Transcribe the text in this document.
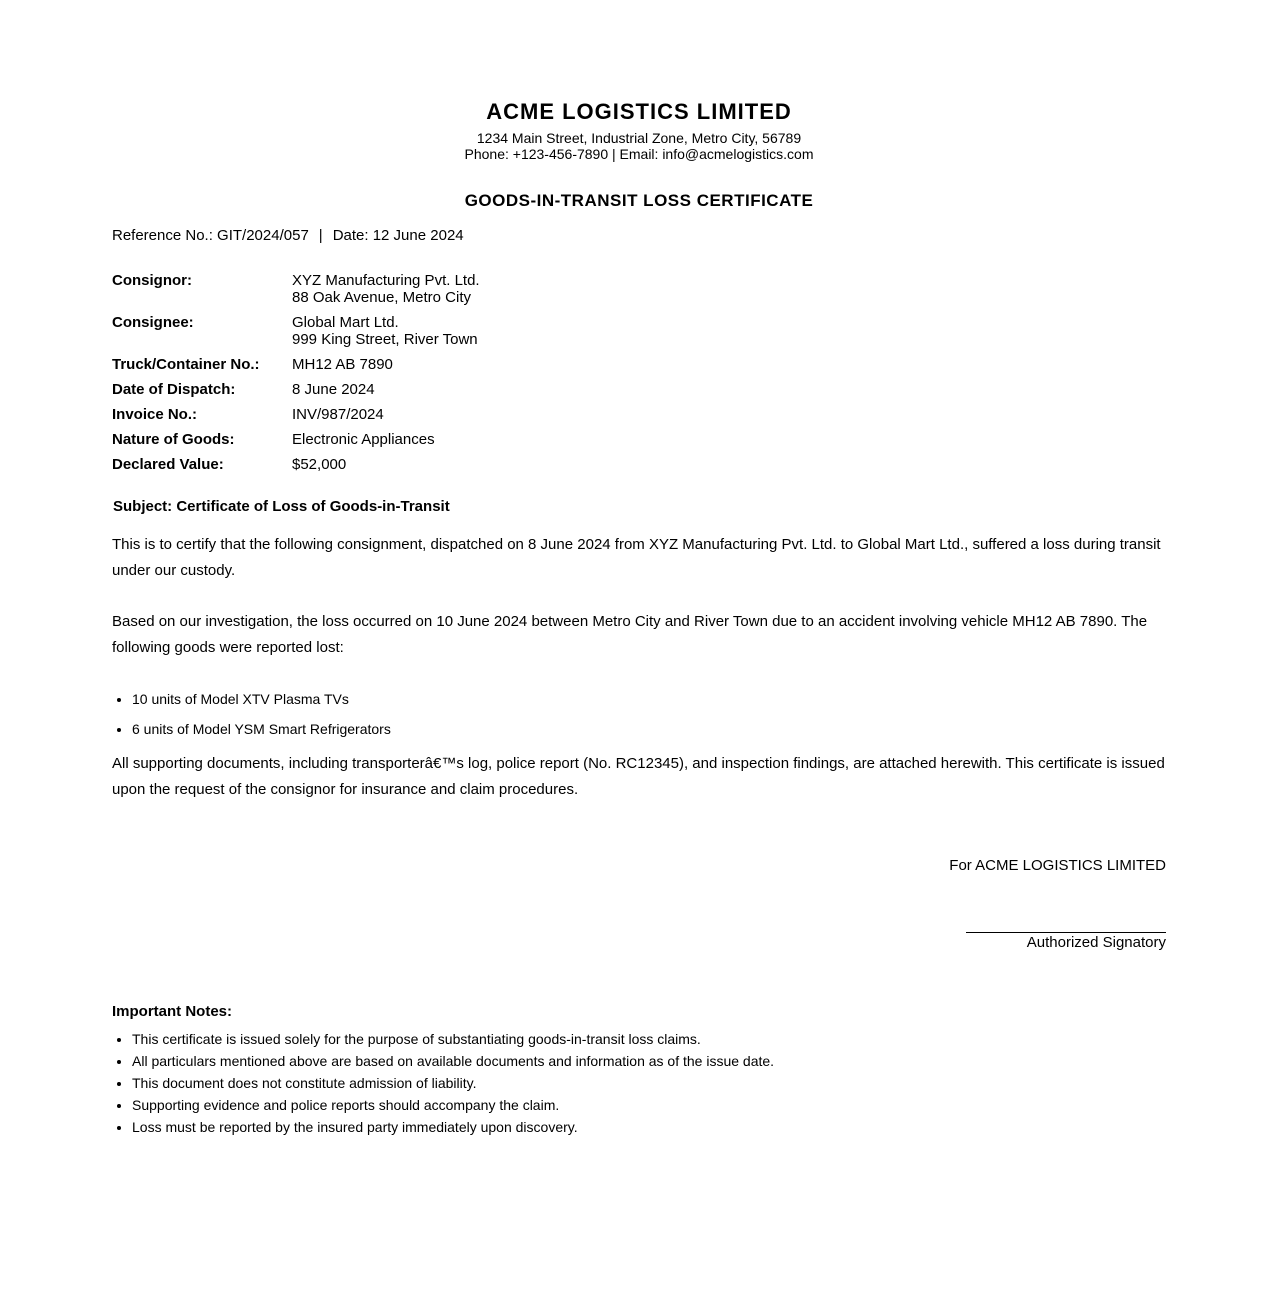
ACME LOGISTICS LIMITED

1234 Main Street, Industrial Zone, Metro City, 56789

Phone: +123-456-7890 | Email: info@acmelogistics.com

GOODS-IN-TRANSIT LOSS CERTIFICATE
Reference No.: GIT/2024/057 | Date: 12 June 2024
Consignor:	XYZ Manufacturing Pvt. Ltd.
88 Oak Avenue, Metro City

Consignee:	Global Mart Ltd.
999 King Street, River Town

Truck/Container No.:	MH12 AB 7890
Date of Dispatch:	8 June 2024
Invoice No.:	INV/987/2024
Nature of Goods:	Electronic Appliances
Declared Value:	$52,000
Subject: Certificate of Loss of Goods-in-Transit

This is to certify that the following consignment, dispatched on 8 June 2024 from XYZ Manufacturing Pvt. Ltd. to Global Mart Ltd., suffered a loss during transit under our custody.

Based on our investigation, the loss occurred on 10 June 2024 between Metro City and River Town due to an accident involving vehicle MH12 AB 7890. The following goods were reported lost:

• 10 units of Model XTV Plasma TVs
• 6 units of Model YSM Smart Refrigerators

All supporting documents, including transporterâ€™s log, police report (No. RC12345), and inspection findings, are attached herewith. This certificate is issued upon the request of the consignor for insurance and claim procedures.

For ACME LOGISTICS LIMITED
Authorized Signatory
Important Notes:
• This certificate is issued solely for the purpose of substantiating goods-in-transit loss claims.
• All particulars mentioned above are based on available documents and information as of the issue date.
• This document does not constitute admission of liability.
• Supporting evidence and police reports should accompany the claim.
• Loss must be reported by the insured party immediately upon discovery.
